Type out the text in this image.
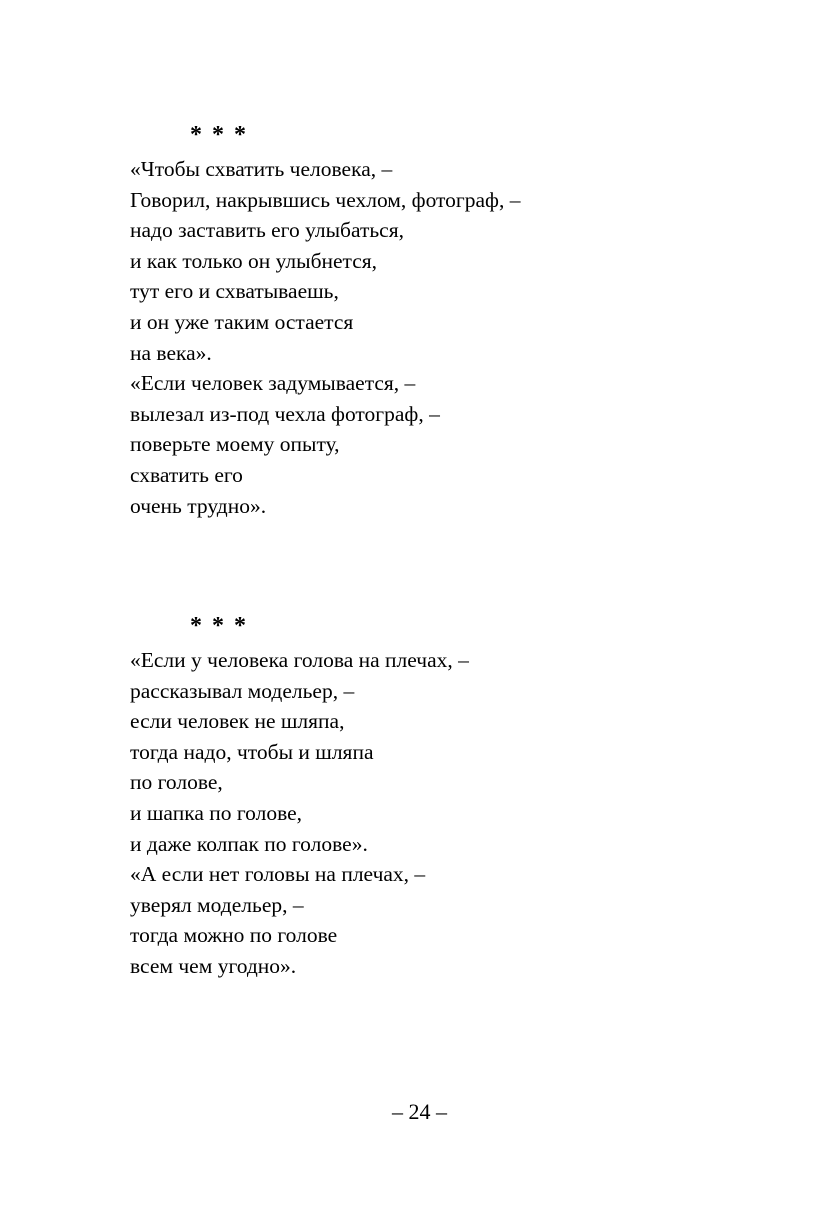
* * *
«Чтобы схватить человека, –
Говорил, накрывшись чехлом, фотограф, –
надо заставить его улыбаться,
и как только он улыбнется,
тут его и схватываешь,
и он уже таким остается
на века».
«Если человек задумывается, –
вылезал из-под чехла фотограф, –
поверьте моему опыту,
схватить его
очень трудно».
* * *
«Если у человека голова на плечах, –
рассказывал модельер, –
если человек не шляпа,
тогда надо, чтобы и шляпа
по голове,
и шапка по голове,
и даже колпак по голове».
«А если нет головы на плечах, –
уверял модельер, –
тогда можно по голове
всем чем угодно».
– 24 –
